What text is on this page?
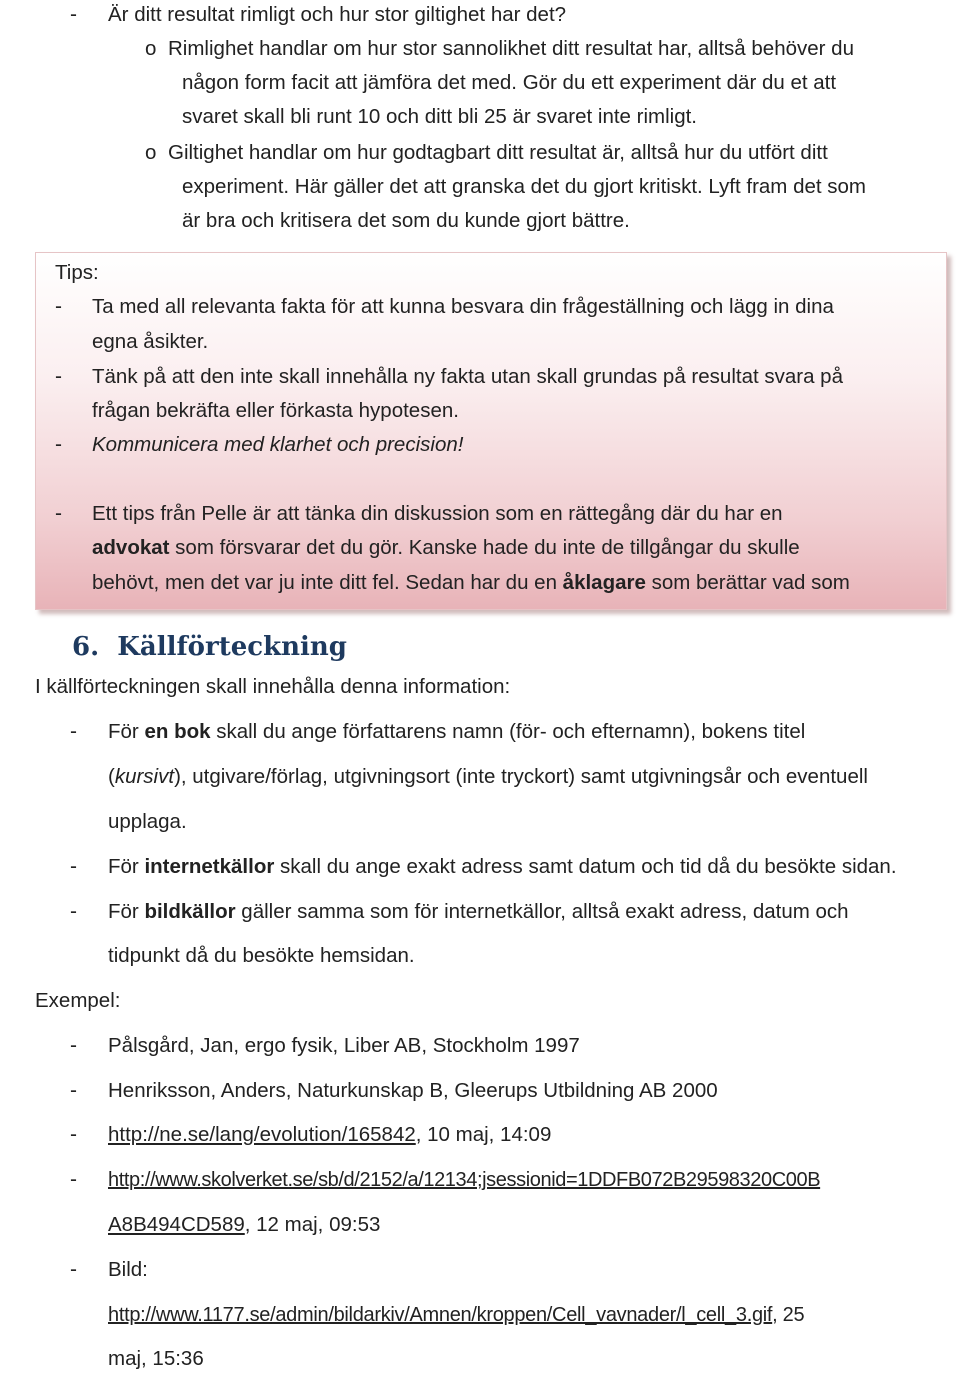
- Är ditt resultat rimligt och hur stor giltighet har det?
o Rimlighet handlar om hur stor sannolikhet ditt resultat har, alltså behöver du
någon form facit att jämföra det med. Gör du ett experiment där du et att
svaret skall bli runt 10 och ditt bli 25 är svaret inte rimligt.
o Giltighet handlar om hur godtagbart ditt resultat är, alltså hur du utfört ditt
experiment. Här gäller det att granska det du gjort kritiskt. Lyft fram det som
är bra och kritisera det som du kunde gjort bättre.
Tips:
- Ta med all relevanta fakta för att kunna besvara din frågeställning och lägg in dina
egna åsikter.
- Tänk på att den inte skall innehålla ny fakta utan skall grundas på resultat svara på
frågan bekräfta eller förkasta hypotesen.
- Kommunicera med klarhet och precision!
- Ett tips från Pelle är att tänka din diskussion som en rättegång där du har en
advokat som försvarar det du gör. Kanske hade du inte de tillgångar du skulle
behövt, men det var ju inte ditt fel. Sedan har du en åklagare som berättar vad som
6. Källförteckning
I källförteckningen skall innehålla denna information:
- För en bok skall du ange författarens namn (för- och efternamn), bokens titel
(kursivt), utgivare/förlag, utgivningsort (inte tryckort) samt utgivningsår och eventuell
upplaga.
- För internetkällor skall du ange exakt adress samt datum och tid då du besökte sidan.
- För bildkällor gäller samma som för internetkällor, alltså exakt adress, datum och
tidpunkt då du besökte hemsidan.
Exempel:
- Pålsgård, Jan, ergo fysik, Liber AB, Stockholm 1997
- Henriksson, Anders, Naturkunskap B, Gleerups Utbildning AB 2000
- http://ne.se/lang/evolution/165842, 10 maj, 14:09
- http://www.skolverket.se/sb/d/2152/a/12134;jsessionid=1DDFB072B29598320C00B
A8B494CD589, 12 maj, 09:53
- Bild:
http://www.1177.se/admin/bildarkiv/Amnen/kroppen/Cell_vavnader/l_cell_3.gif, 25
maj, 15:36
